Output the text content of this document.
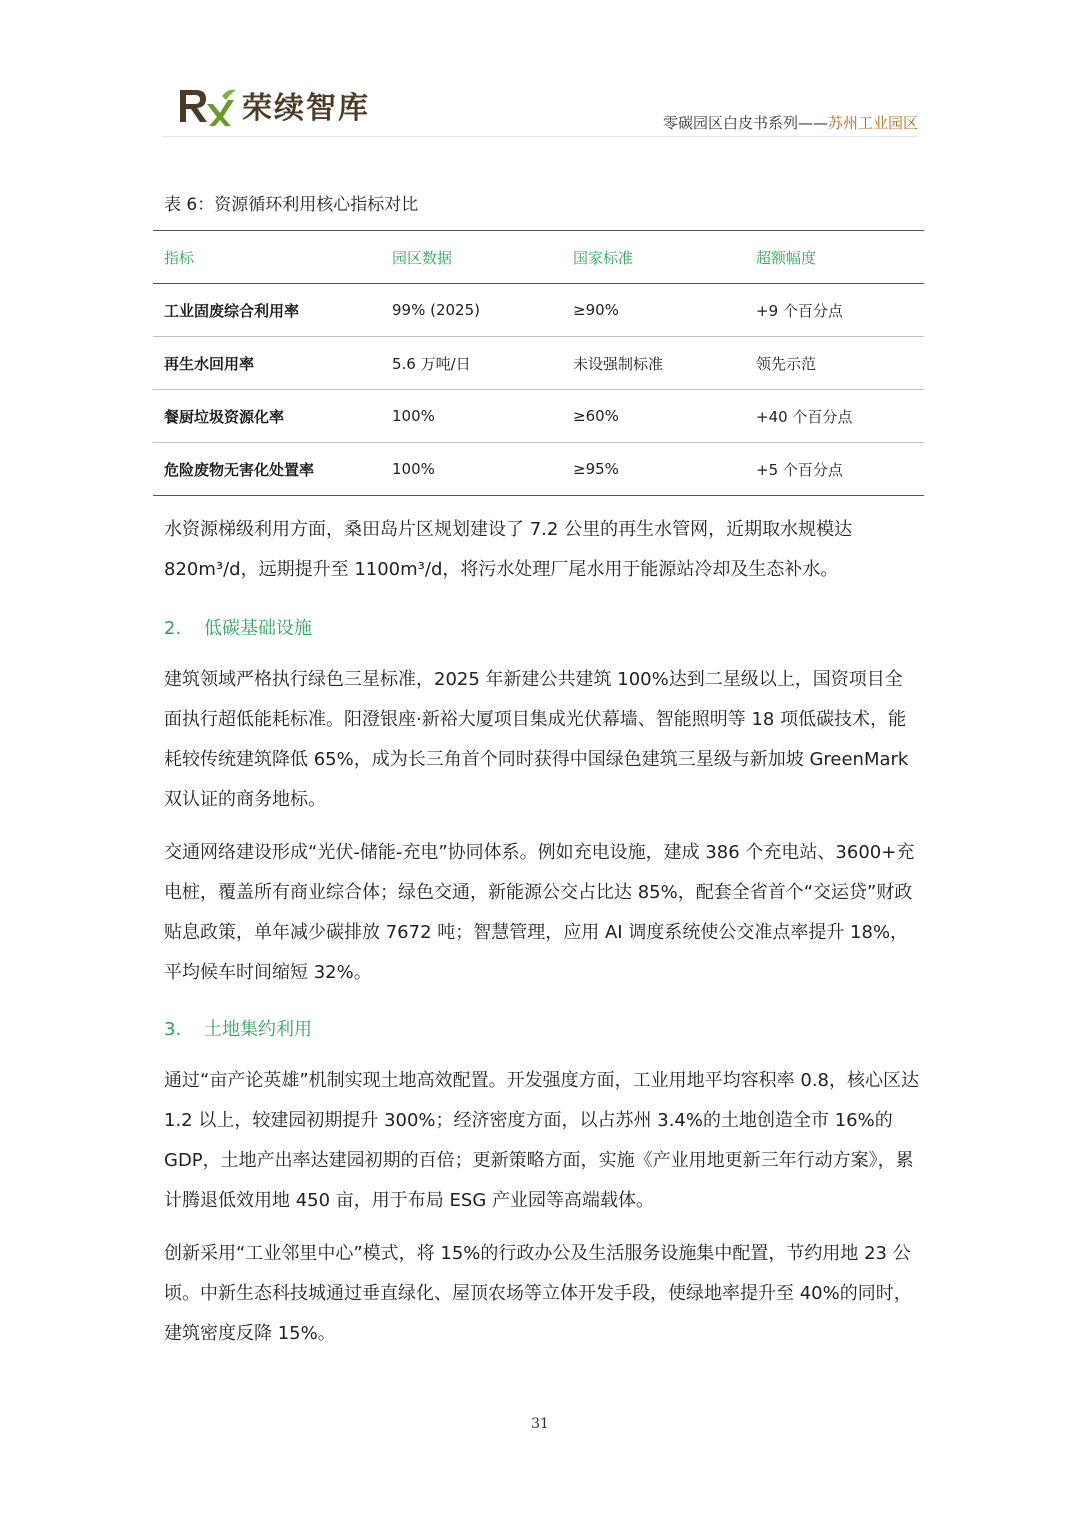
荣续智库	零碳园区白皮书系列——苏州工业园区
表 6：资源循环利用核心指标对比
指标	园区数据	国家标准	超额幅度
工业固废综合利用率	99% (2025)	≥90%	+9 个百分点
再生水回用率	5.6 万吨/日	未设强制标准	领先示范
餐厨垃圾资源化率	100%	≥60%	+40 个百分点
危险废物无害化处置率	100%	≥95%	+5 个百分点

水资源梯级利用方面，桑田岛片区规划建设了 7.2 公里的再生水管网，近期取水规模达 820m³/d，远期提升至 1100m³/d，将污水处理厂尾水用于能源站冷却及生态补水。

2. 低碳基础设施

建筑领域严格执行绿色三星标准，2025 年新建公共建筑 100%达到二星级以上，国资项目全面执行超低能耗标准。阳澄银座·新裕大厦项目集成光伏幕墙、智能照明等 18 项低碳技术，能耗较传统建筑降低 65%，成为长三角首个同时获得中国绿色建筑三星级与新加坡 GreenMark 双认证的商务地标。

交通网络建设形成“光伏-储能-充电”协同体系。例如充电设施，建成 386 个充电站、3600+充电桩，覆盖所有商业综合体；绿色交通，新能源公交占比达 85%，配套全省首个“交运贷”财政贴息政策，单年减少碳排放 7672 吨；智慧管理，应用 AI 调度系统使公交准点率提升 18%，平均候车时间缩短 32%。

3. 土地集约利用

通过“亩产论英雄”机制实现土地高效配置。开发强度方面，工业用地平均容积率 0.8，核心区达 1.2 以上，较建园初期提升 300%；经济密度方面，以占苏州 3.4%的土地创造全市 16%的 GDP，土地产出率达建园初期的百倍；更新策略方面，实施《产业用地更新三年行动方案》，累计腾退低效用地 450 亩，用于布局 ESG 产业园等高端载体。

创新采用“工业邻里中心”模式，将 15%的行政办公及生活服务设施集中配置，节约用地 23 公顷。中新生态科技城通过垂直绿化、屋顶农场等立体开发手段，使绿地率提升至 40%的同时，建筑密度反降 15%。

31
